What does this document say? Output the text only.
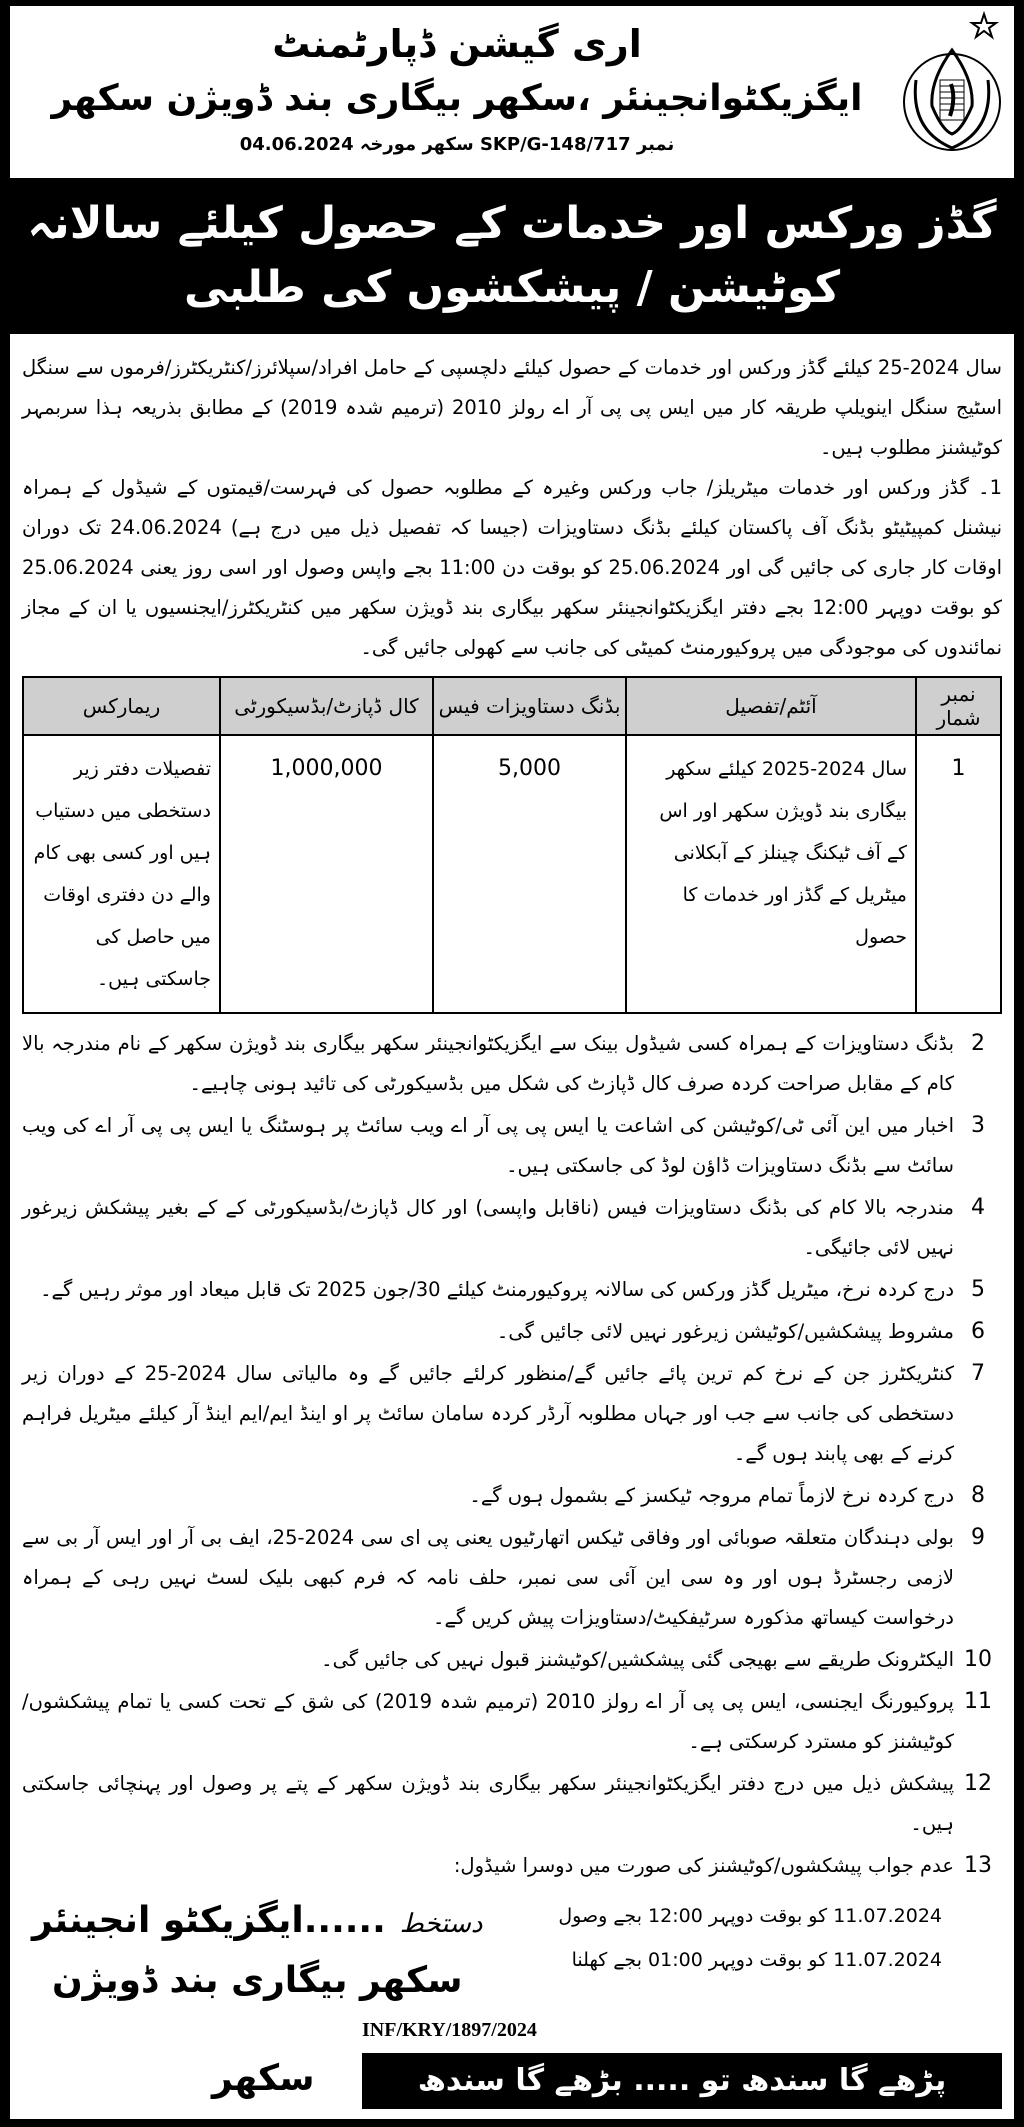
اری گیشن ڈپارٹمنٹ
ایگزیکٹوانجینئر ،سکھر بیگاری بند ڈویژن سکھر
نمبر SKP/G-148/717 سکھر مورخہ 04.06.2024
گڈز ورکس اور خدمات کے حصول کیلئے سالانہ کوٹیشن / پیشکشوں کی طلبی
سال 2024-25 کیلئے گڈز ورکس اور خدمات کے حصول کیلئے دلچسپی کے حامل افراد/سپلائرز/کنٹریکٹرز/فرموں سے سنگل اسٹیج سنگل اینویلپ طریقہ کار میں ایس پی پی آر اے رولز 2010 (ترمیم شدہ 2019) کے مطابق بذریعہ ہذا سربمہر کوٹیشنز مطلوب ہیں۔
1۔ گڈز ورکس اور خدمات میٹریلز/ جاب ورکس وغیرہ کے مطلوبہ حصول کی فہرست/قیمتوں کے شیڈول کے ہمراہ نیشنل کمپیٹیٹو بڈنگ آف پاکستان کیلئے بڈنگ دستاویزات (جیسا کہ تفصیل ذیل میں درج ہے) 24.06.2024 تک دوران اوقات کار جاری کی جائیں گی اور 25.06.2024 کو بوقت دن 11:00 بجے واپس وصول اور اسی روز یعنی 25.06.2024 کو بوقت دوپہر 12:00 بجے دفتر ایگزیکٹوانجینئر سکھر بیگاری بند ڈویژن سکھر میں کنٹریکٹرز/ایجنسیوں یا ان کے مجاز نمائندوں کی موجودگی میں پروکیورمنٹ کمیٹی کی جانب سے کھولی جائیں گی۔
نمبر شمار	آئٹم/تفصیل	بڈنگ دستاویزات فیس	کال ڈپازٹ/بڈسیکورٹی	ریمارکس
1	سال 2024-2025 کیلئے سکھر بیگاری بند ڈویژن سکھر اور اس کے آف ٹیکنگ چینلز کے آبکلانی میٹریل کے گڈز اور خدمات کا حصول	5,000	1,000,000	تفصیلات دفتر زیر دستخطی میں دستیاب ہیں اور کسی بھی کام والے دن دفتری اوقات میں حاصل کی جاسکتی ہیں۔
2
بڈنگ دستاویزات کے ہمراہ کسی شیڈول بینک سے ایگزیکٹوانجینئر سکھر بیگاری بند ڈویژن سکھر کے نام مندرجہ بالا کام کے مقابل صراحت کردہ صرف کال ڈپازٹ کی شکل میں بڈسیکورٹی کی تائید ہونی چاہیے۔
3
اخبار میں این آئی ٹی/کوٹیشن کی اشاعت یا ایس پی پی آر اے ویب سائٹ پر ہوسٹنگ یا ایس پی پی آر اے کی ویب سائٹ سے بڈنگ دستاویزات ڈاؤن لوڈ کی جاسکتی ہیں۔
4
مندرجہ بالا کام کی بڈنگ دستاویزات فیس (ناقابل واپسی) اور کال ڈپازٹ/بڈسیکورٹی کے کے بغیر پیشکش زیرغور نہیں لائی جائیگی۔
5
درج کردہ نرخ، میٹریل گڈز ورکس کی سالانہ پروکیورمنٹ کیلئے 30/جون 2025 تک قابل میعاد اور موثر رہیں گے۔
6
مشروط پیشکشیں/کوٹیشن زیرغور نہیں لائی جائیں گی۔
7
کنٹریکٹرز جن کے نرخ کم ترین پائے جائیں گے/منظور کرلئے جائیں گے وہ مالیاتی سال 2024-25 کے دوران زیر دستخطی کی جانب سے جب اور جہاں مطلوبہ آرڈر کردہ سامان سائٹ پر او اینڈ ایم/ایم اینڈ آر کیلئے میٹریل فراہم کرنے کے بھی پابند ہوں گے۔
8
درج کردہ نرخ لازماً تمام مروجہ ٹیکسز کے بشمول ہوں گے۔
9
بولی دہندگان متعلقہ صوبائی اور وفاقی ٹیکس اتھارٹیوں یعنی پی ای سی 2024-25، ایف بی آر اور ایس آر بی سے لازمی رجسٹرڈ ہوں اور وہ سی این آئی سی نمبر، حلف نامہ کہ فرم کبھی بلیک لسٹ نہیں رہی کے ہمراہ درخواست کیساتھ مذکورہ سرٹیفکیٹ/دستاویزات پیش کریں گے۔
10
الیکٹرونک طریقے سے بھیجی گئی پیشکشیں/کوٹیشنز قبول نہیں کی جائیں گی۔
11
پروکیورنگ ایجنسی، ایس پی پی آر اے رولز 2010 (ترمیم شدہ 2019) کی شق کے تحت کسی یا تمام پیشکشوں/کوٹیشنز کو مسترد کرسکتی ہے۔
12
پیشکش ذیل میں درج دفتر ایگزیکٹوانجینئر سکھر بیگاری بند ڈویژن سکھر کے پتے پر وصول اور پہنچائی جاسکتی ہیں۔
13
عدم جواب پیشکشوں/کوٹیشنز کی صورت میں دوسرا شیڈول:
11.07.2024 کو بوقت دوپہر 12:00 بجے وصول
11.07.2024 کو بوقت دوپہر 01:00 بجے کھلنا
دستخط
......ایگزیکٹو انجینئر
سکھر بیگاری بند ڈویژن
INF/KRY/1897/2024
پڑھے گا سندھ تو ..... بڑھے گا سندھ
سکھر
